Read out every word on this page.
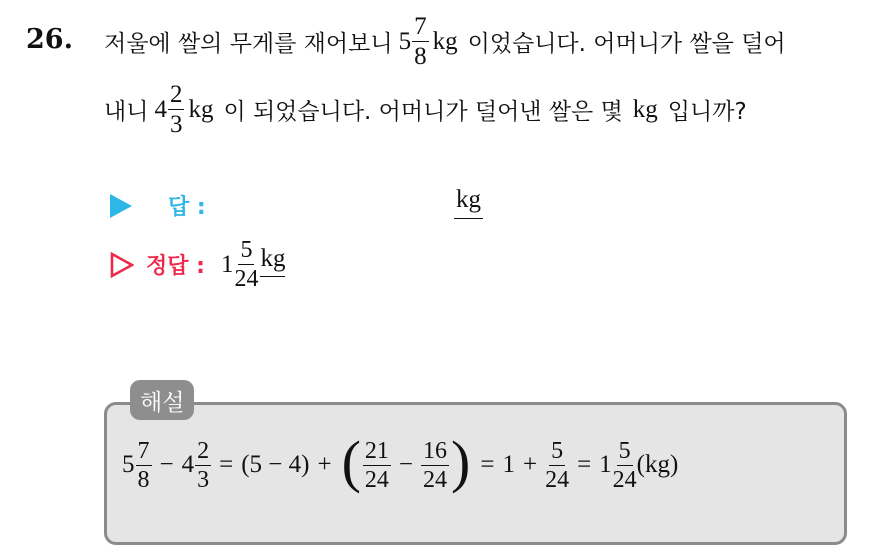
26. 저울에 쌀의 무게를 재어보니 $5 \frac{7}{8}$ kg 이었습니다. 어머니가 쌀을 덜어
내니 $4 \frac{2}{3}$ kg 이 되었습니다. 어머니가 덜어낸 쌀은 몇 kg 입니까?
답 :	kg
정답 : $1 \frac{5}{24}$ kg
해설
$5 \frac{7}{8} - 4 \frac{2}{3} = (5 - 4)$ + ( $\frac{21}{24} - \frac{16}{24}$ ) = $1 + \frac{5}{24} = 1 \frac{5}{24} (kg)$
